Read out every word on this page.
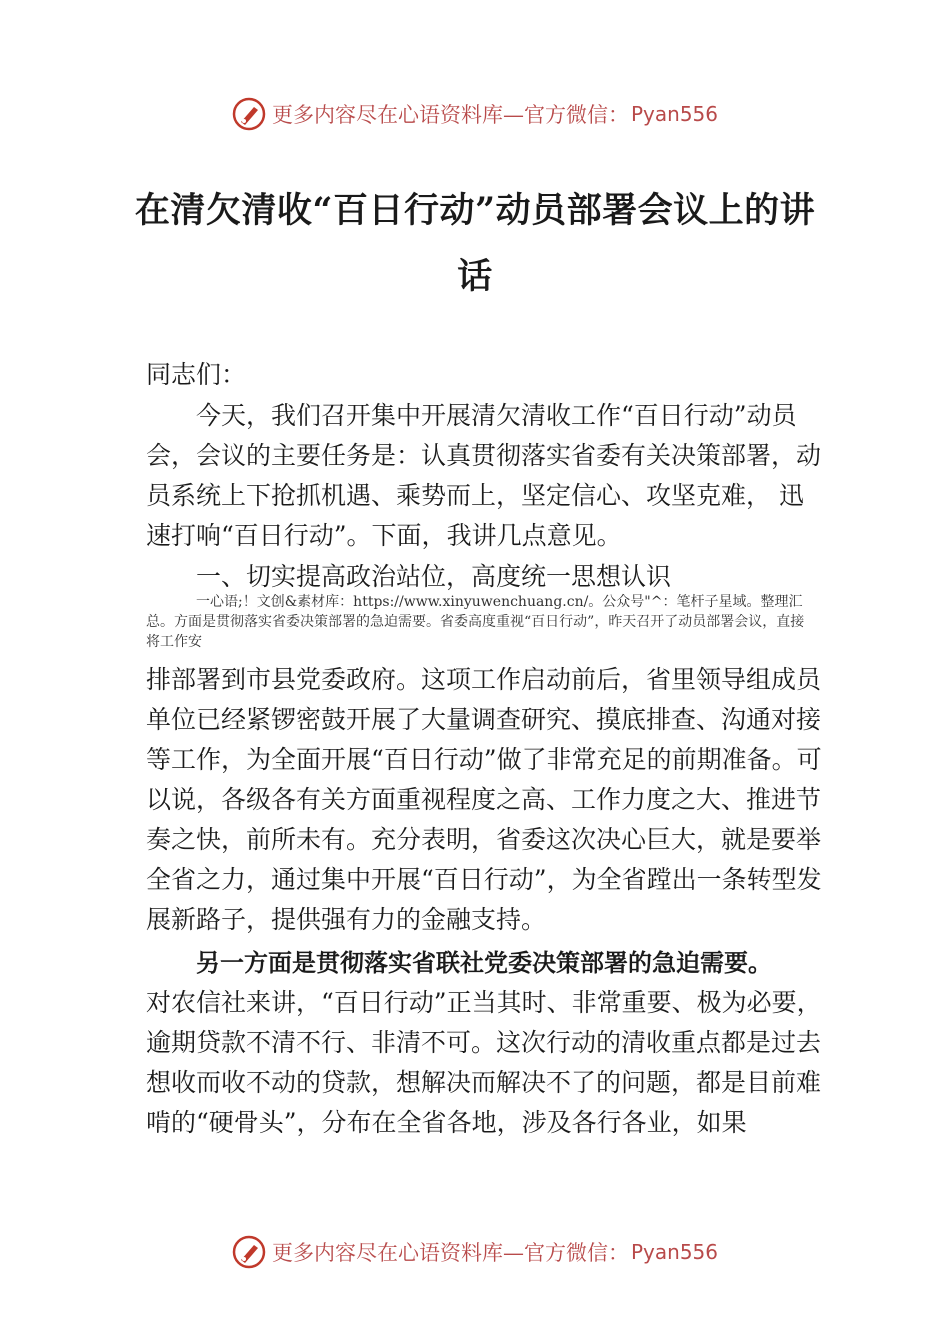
更多内容尽在心语资料库—官方微信： Pyan556
在清欠清收“百日行动”动员部署会议上的讲话
同志们：

今天，我们召开集中开展清欠清收工作“百日行动”动员会，会议的主要任务是：认真贯彻落实省委有关决策部署，动员系统上下抢抓机遇、乘势而上，坚定信心、攻坚克难， 迅速打响“百日行动”。下面，我讲几点意见。

一、切实提高政治站位，高度统一思想认识

一心语;！文创&素材库：https://www.xinyuwenchuang.cn/。公众号"^：笔杆子星域。整理汇总。方面是贯彻落实省委决策部署的急迫需要。省委高度重视“百日行动”，昨天召开了动员部署会议，直接将工作安

排部署到市县党委政府。这项工作启动前后，省里领导组成员单位已经紧锣密鼓开展了大量调查研究、摸底排查、沟通对接等工作，为全面开展“百日行动”做了非常充足的前期准备。可以说，各级各有关方面重视程度之高、工作力度之大、推进节奏之快，前所未有。充分表明，省委这次决心巨大，就是要举全省之力，通过集中开展“百日行动”，为全省蹚出一条转型发展新路子，提供强有力的金融支持。

另一方面是贯彻落实省联社党委决策部署的急迫需要。

对农信社来讲，“百日行动”正当其时、非常重要、极为必要，逾期贷款不清不行、非清不可。这次行动的清收重点都是过去想收而收不动的贷款，想解决而解决不了的问题，都是目前难啃的“硬骨头”，分布在全省各地，涉及各行各业，如果

更多内容尽在心语资料库—官方微信： Pyan556
